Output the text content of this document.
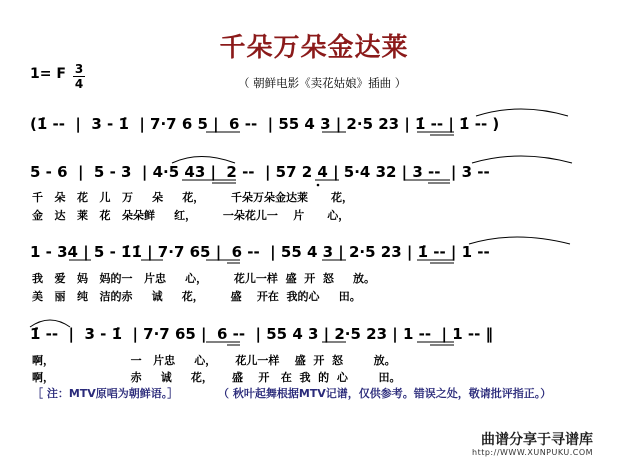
千朵万朵金达莱
1= F 3
4	（ 朝鲜电影《卖花姑娘》插曲 ）
(1̇ --  |  3 - 1̇  | 7·7 6 5 |  6 --  | 55 4 3 | 2·5 23 | 1̇ -- | 1̇ -- )
5 - 6  |  5 - 3  | 4·5 43 |  2 --  | 57 2 4 | 5·4 32 | 3 --  | 3 --
千   朵   花   儿   万     朵     花，       千朵万朵金达莱      花，
金   达   莱   花   朵朵鲜     红，       一朵花儿一    片      心，
1 - 34 | 5 - 1̇1̇ | 7·7 65 |  6 --  | 55 4 3 | 2·5 23 | 1̇ -- | 1 --
我   爱   妈   妈的一   片忠     心，       花儿一样  盛  开  怒     放。
美   丽   纯   洁的赤     诚     花，       盛    开在  我的心     田。
1̇ --  |  3 - 1̇  | 7·7 65 |  6 --  | 55 4 3 | 2·5 23 | 1 --  | 1 -- ‖
啊，                    一   片忠     心，     花儿一样    盛  开  怒        放。
啊，                    赤     诚     花，     盛    开   在  我  的  心        田。
［ 注：MTV原唱为朝鲜语。］	（ 秋叶起舞根据MTV记谱，仅供参考。错误之处，敬请批评指正。）
曲谱分享于寻谱库
http://WWW.XUNPUKU.COM
